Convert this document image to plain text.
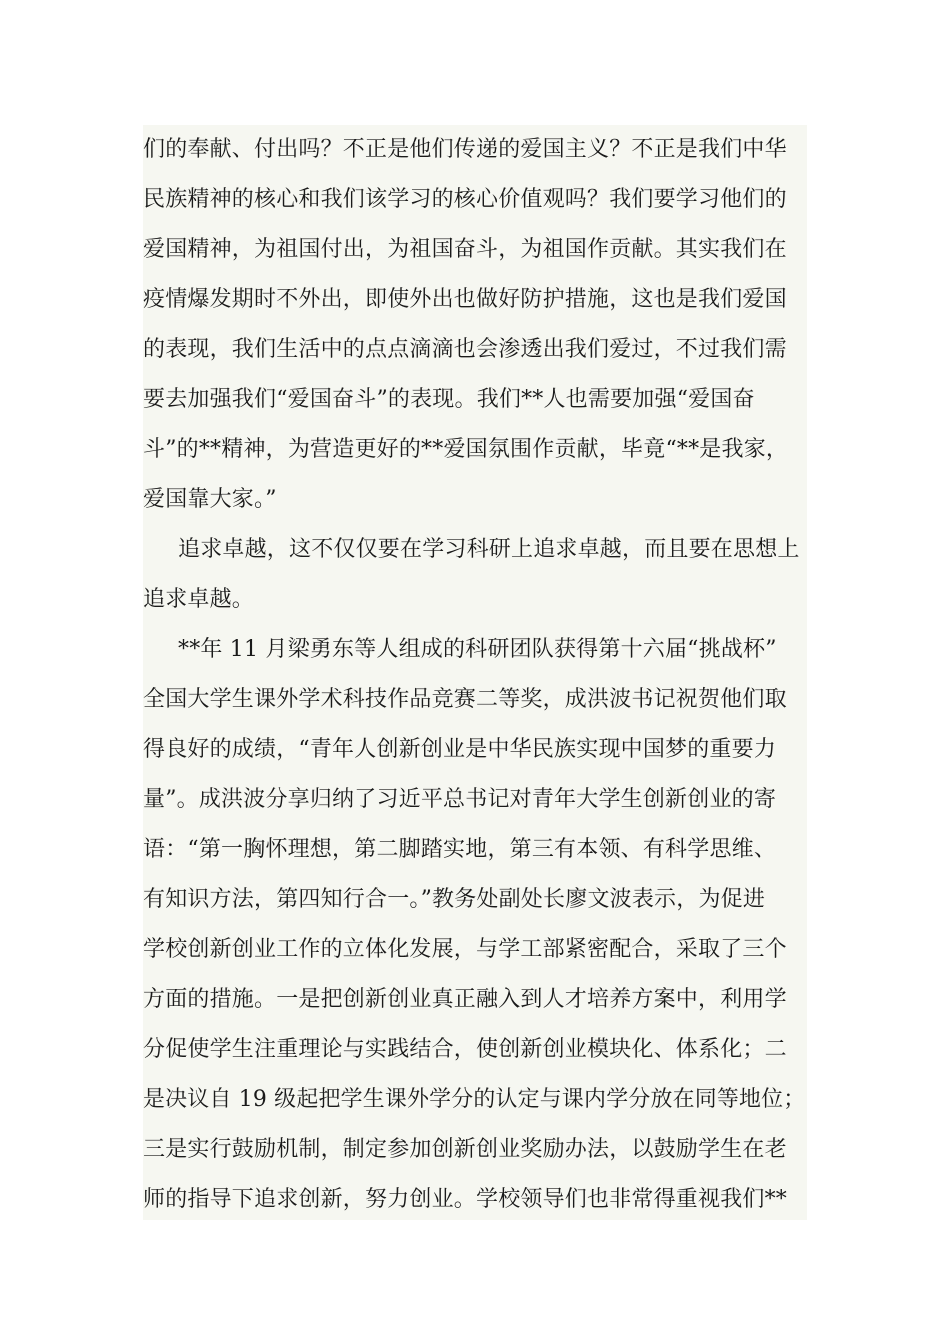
们的奉献、付出吗？不正是他们传递的爱国主义？不正是我们中华
民族精神的核心和我们该学习的核心价值观吗？我们要学习他们的
爱国精神，为祖国付出，为祖国奋斗，为祖国作贡献。其实我们在
疫情爆发期时不外出，即使外出也做好防护措施，这也是我们爱国
的表现，我们生活中的点点滴滴也会渗透出我们爱过，不过我们需
要去加强我们“爱国奋斗”的表现。我们**人也需要加强“爱国奋
斗”的**精神，为营造更好的**爱国氛围作贡献，毕竟“**是我家，
爱国靠大家。”
追求卓越，这不仅仅要在学习科研上追求卓越，而且要在思想上
追求卓越。
**年 11 月梁勇东等人组成的科研团队获得第十六届“挑战杯”
全国大学生课外学术科技作品竞赛二等奖，成洪波书记祝贺他们取
得良好的成绩，“青年人创新创业是中华民族实现中国梦的重要力
量”。成洪波分享归纳了习近平总书记对青年大学生创新创业的寄
语：“第一胸怀理想，第二脚踏实地，第三有本领、有科学思维、
有知识方法，第四知行合一。”教务处副处长廖文波表示，为促进
学校创新创业工作的立体化发展，与学工部紧密配合，采取了三个
方面的措施。一是把创新创业真正融入到人才培养方案中，利用学
分促使学生注重理论与实践结合，使创新创业模块化、体系化；二
是决议自 19 级起把学生课外学分的认定与课内学分放在同等地位；
三是实行鼓励机制，制定参加创新创业奖励办法，以鼓励学生在老
师的指导下追求创新，努力创业。学校领导们也非常得重视我们**
